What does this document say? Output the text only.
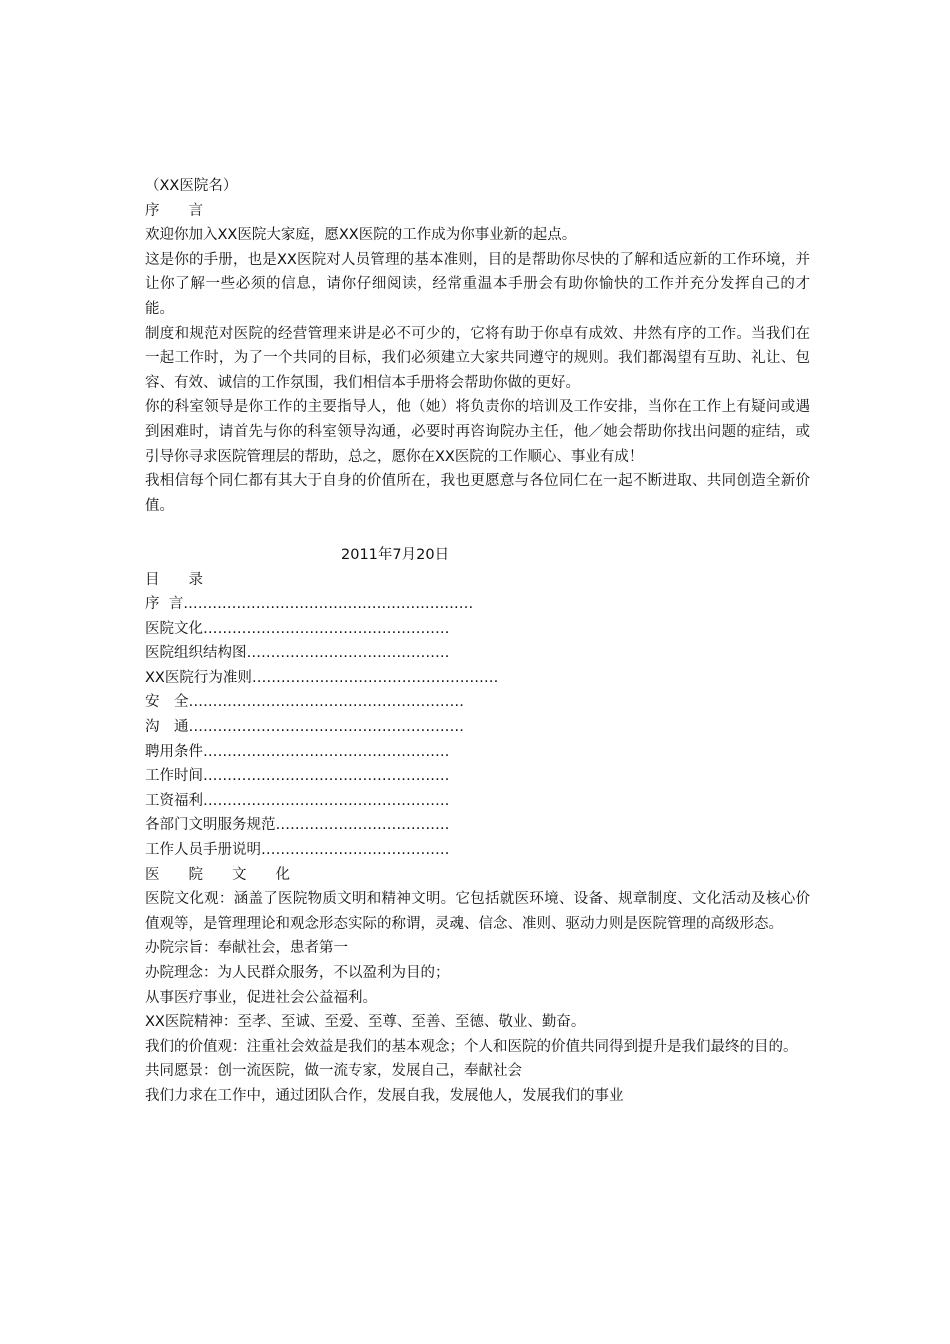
（XX医院名）
序　　言
欢迎你加入XX医院大家庭，愿XX医院的工作成为你事业新的起点。
这是你的手册，也是XX医院对人员管理的基本准则，目的是帮助你尽快的了解和适应新的工作环境，并让你了解一些必须的信息，请你仔细阅读，经常重温本手册会有助你愉快的工作并充分发挥自己的才能。
制度和规范对医院的经营管理来讲是必不可少的，它将有助于你卓有成效、井然有序的工作。当我们在一起工作时，为了一个共同的目标，我们必须建立大家共同遵守的规则。我们都渴望有互助、礼让、包容、有效、诚信的工作氛围，我们相信本手册将会帮助你做的更好。
你的科室领导是你工作的主要指导人，他（她）将负责你的培训及工作安排，当你在工作上有疑问或遇到困难时，请首先与你的科室领导沟通，必要时再咨询院办主任，他／她会帮助你找出问题的症结，或引导你寻求医院管理层的帮助，总之，愿你在XX医院的工作顺心、事业有成！
我相信每个同仁都有其大于自身的价值所在，我也更愿意与各位同仁在一起不断进取、共同创造全新价值。
2011年7月20日
目　　录
序  言……………………………………………………
医院文化……………………………………………
医院组织结构图……………………………………
XX医院行为准则……………………………………………
安　全…………………………………………………
沟　通…………………………………………………
聘用条件……………………………………………
工作时间……………………………………………
工资福利……………………………………………
各部门文明服务规范………………………………
工作人员手册说明…………………………………
医　　院　　文　　化
医院文化观：涵盖了医院物质文明和精神文明。它包括就医环境、设备、规章制度、文化活动及核心价值观等，是管理理论和观念形态实际的称谓，灵魂、信念、准则、驱动力则是医院管理的高级形态。
办院宗旨：奉献社会，患者第一
办院理念：为人民群众服务，不以盈利为目的；
从事医疗事业，促进社会公益福利。
XX医院精神：至孝、至诚、至爱、至尊、至善、至德、敬业、勤奋。
我们的价值观：注重社会效益是我们的基本观念；个人和医院的价值共同得到提升是我们最终的目的。
共同愿景：创一流医院，做一流专家，发展自己，奉献社会
我们力求在工作中，通过团队合作，发展自我，发展他人，发展我们的事业
